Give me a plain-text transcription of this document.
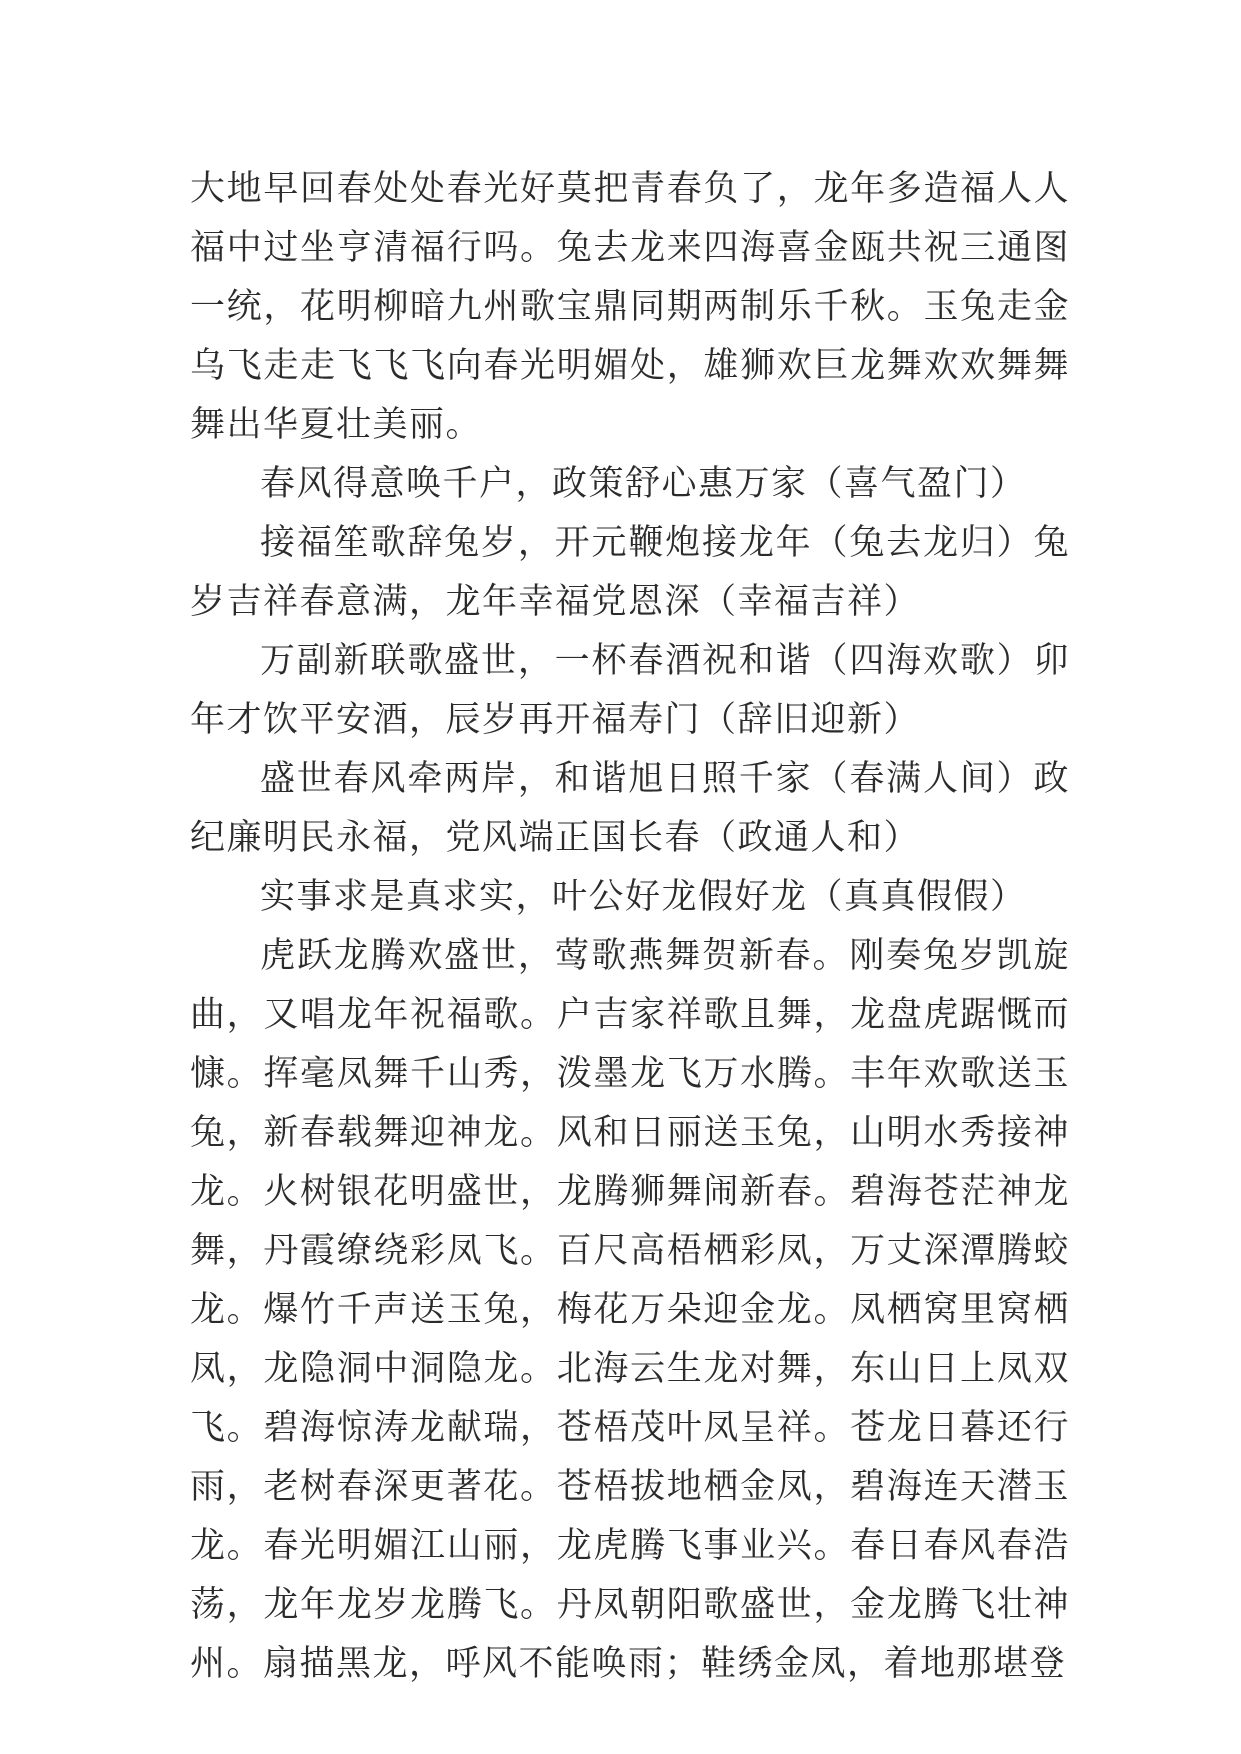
大地早回春处处春光好莫把青春负了，龙年多造福人人福中过坐亨清福行吗。兔去龙来四海喜金瓯共祝三通图一统，花明柳暗九州歌宝鼎同期两制乐千秋。玉兔走金乌飞走走飞飞飞向春光明媚处，雄狮欢巨龙舞欢欢舞舞舞出华夏壮美丽。

春风得意唤千户，政策舒心惠万家（喜气盈门）

接福笙歌辞兔岁，开元鞭炮接龙年（兔去龙归）兔岁吉祥春意满，龙年幸福党恩深（幸福吉祥）

万副新联歌盛世，一杯春酒祝和谐（四海欢歌）卯年才饮平安酒，辰岁再开福寿门（辞旧迎新）

盛世春风牵两岸，和谐旭日照千家（春满人间）政纪廉明民永福，党风端正国长春（政通人和）

实事求是真求实，叶公好龙假好龙（真真假假）

虎跃龙腾欢盛世，莺歌燕舞贺新春。刚奏兔岁凯旋曲，又唱龙年祝福歌。户吉家祥歌且舞，龙盘虎踞慨而慷。挥毫凤舞千山秀，泼墨龙飞万水腾。丰年欢歌送玉兔，新春载舞迎神龙。风和日丽送玉兔，山明水秀接神龙。火树银花明盛世，龙腾狮舞闹新春。碧海苍茫神龙舞，丹霞缭绕彩凤飞。百尺高梧栖彩凤，万丈深潭腾蛟龙。爆竹千声送玉兔，梅花万朵迎金龙。凤栖窝里窝栖凤，龙隐洞中洞隐龙。北海云生龙对舞，东山日上凤双飞。碧海惊涛龙献瑞，苍梧茂叶凤呈祥。苍龙日暮还行雨，老树春深更著花。苍梧拔地栖金凤，碧海连天潜玉龙。春光明媚江山丽，龙虎腾飞事业兴。春日春风春浩荡，龙年龙岁龙腾飞。丹凤朝阳歌盛世，金龙腾飞壮神州。扇描黑龙，呼风不能唤雨；鞋绣金凤，着地那堪登
